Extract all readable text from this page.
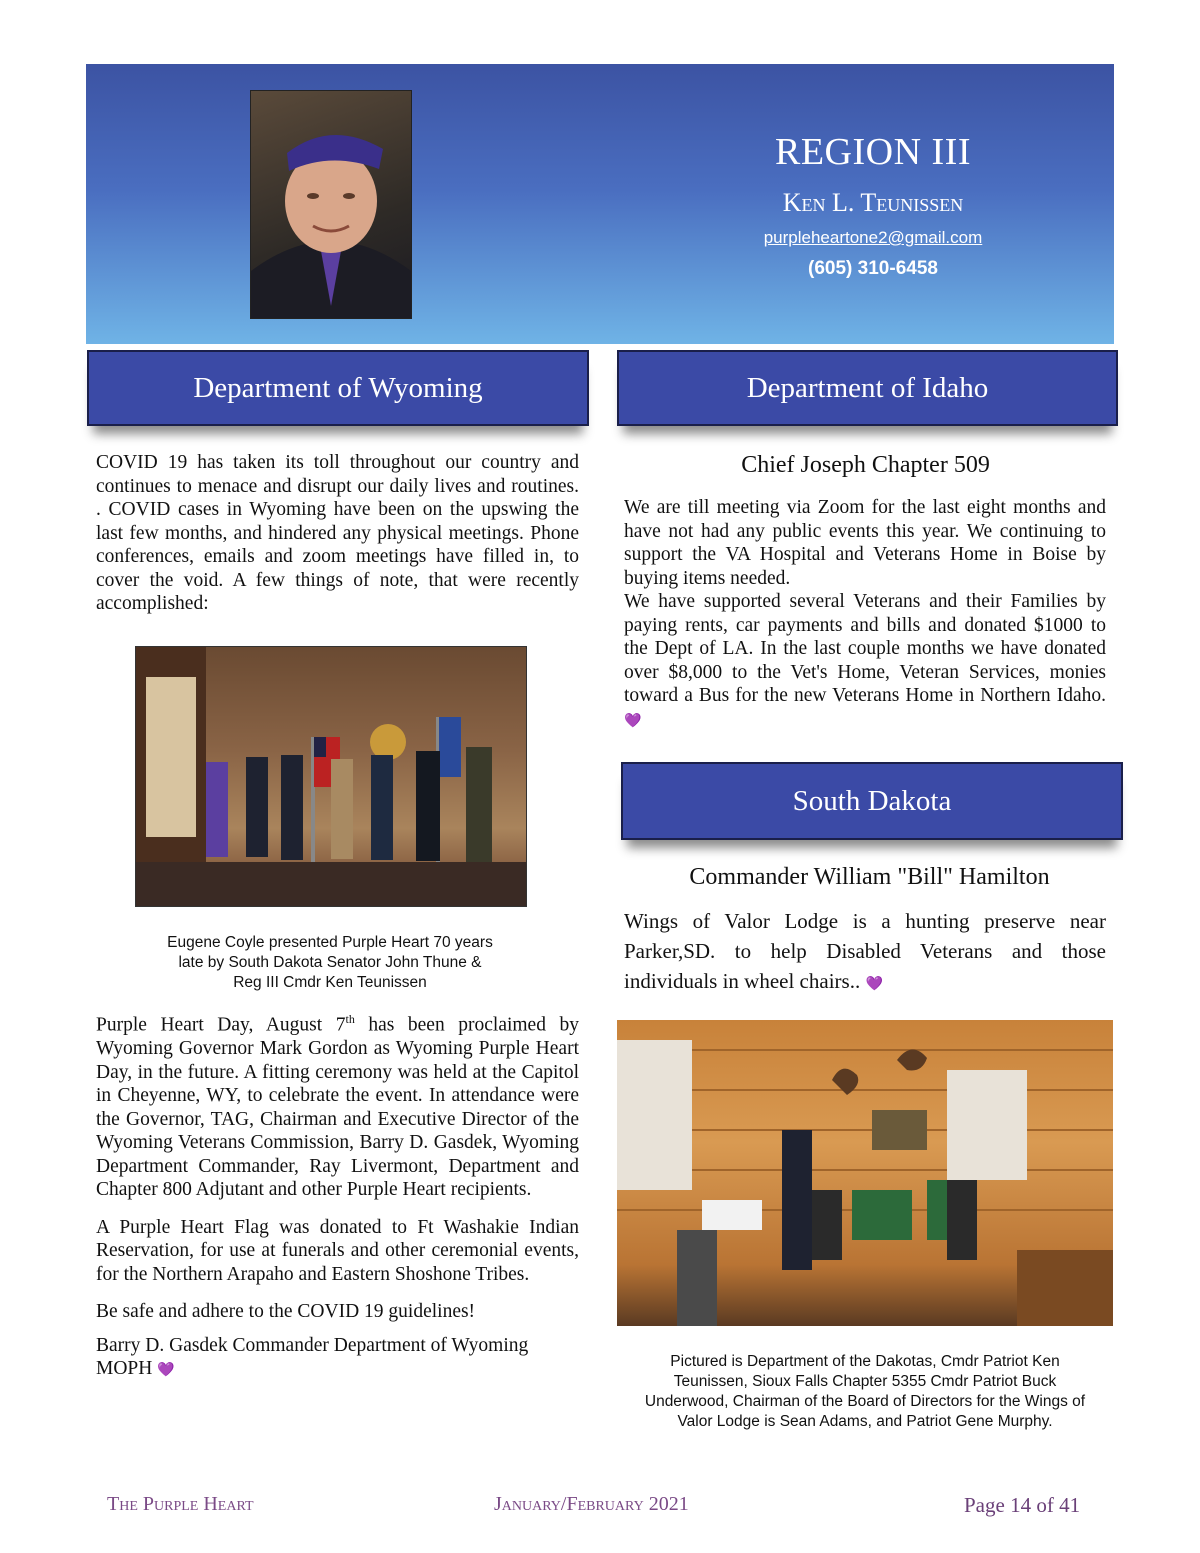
REGION III
Ken L. Teunissen
purpleheartone2@gmail.com
(605) 310-6458
Department of Wyoming	Department of Idaho
South Dakota

COVID 19 has taken its toll throughout our country and continues to menace and disrupt our daily lives and routines. . COVID cases in Wyoming have been on the upswing the last few months, and hindered any physical meetings. Phone conferences, emails and zoom meetings have filled in, to cover the void. A few things of note, that were recently accomplished:

Eugene Coyle presented Purple Heart 70 years
late by South Dakota Senator John Thune &
Reg III Cmdr Ken Teunissen

Purple Heart Day, August 7th has been proclaimed by Wyoming Governor Mark Gordon as Wyoming Purple Heart Day, in the future. A fitting ceremony was held at the Capitol in Cheyenne, WY, to celebrate the event. In attendance were the Governor, TAG, Chairman and Executive Director of the Wyoming Veterans Commission, Barry D. Gasdek, Wyoming Department Commander, Ray Livermont, Department and Chapter 800 Adjutant and other Purple Heart recipients.

A Purple Heart Flag was donated to Ft Washakie Indian Reservation, for use at funerals and other ceremonial events, for the Northern Arapaho and Eastern Shoshone Tribes.

Be safe and adhere to the COVID 19 guidelines!

Barry D. Gasdek Commander Department of Wyoming MOPH 💜

Chief Joseph Chapter 509

We are till meeting via Zoom for the last eight months and have not had any public events this year. We continuing to support the VA Hospital and Veterans Home in Boise by buying items needed.

We have supported several Veterans and their Families by paying rents, car payments and bills and donated $1000 to the Dept of LA. In the last couple months we have donated over $8,000 to the Vet's Home, Veteran Services, monies toward a Bus for the new Veterans Home in Northern Idaho. 💜

Commander William "Bill" Hamilton

Wings of Valor Lodge is a hunting preserve near Parker,SD. to help Disabled Veterans and those individuals in wheel chairs.. 💜

Pictured is Department of the Dakotas, Cmdr Patriot Ken
Teunissen, Sioux Falls Chapter 5355 Cmdr Patriot Buck
Underwood, Chairman of the Board of Directors for the Wings of
Valor Lodge is Sean Adams, and Patriot Gene Murphy.
The Purple Heart	January/February 2021	Page 14 of 41
